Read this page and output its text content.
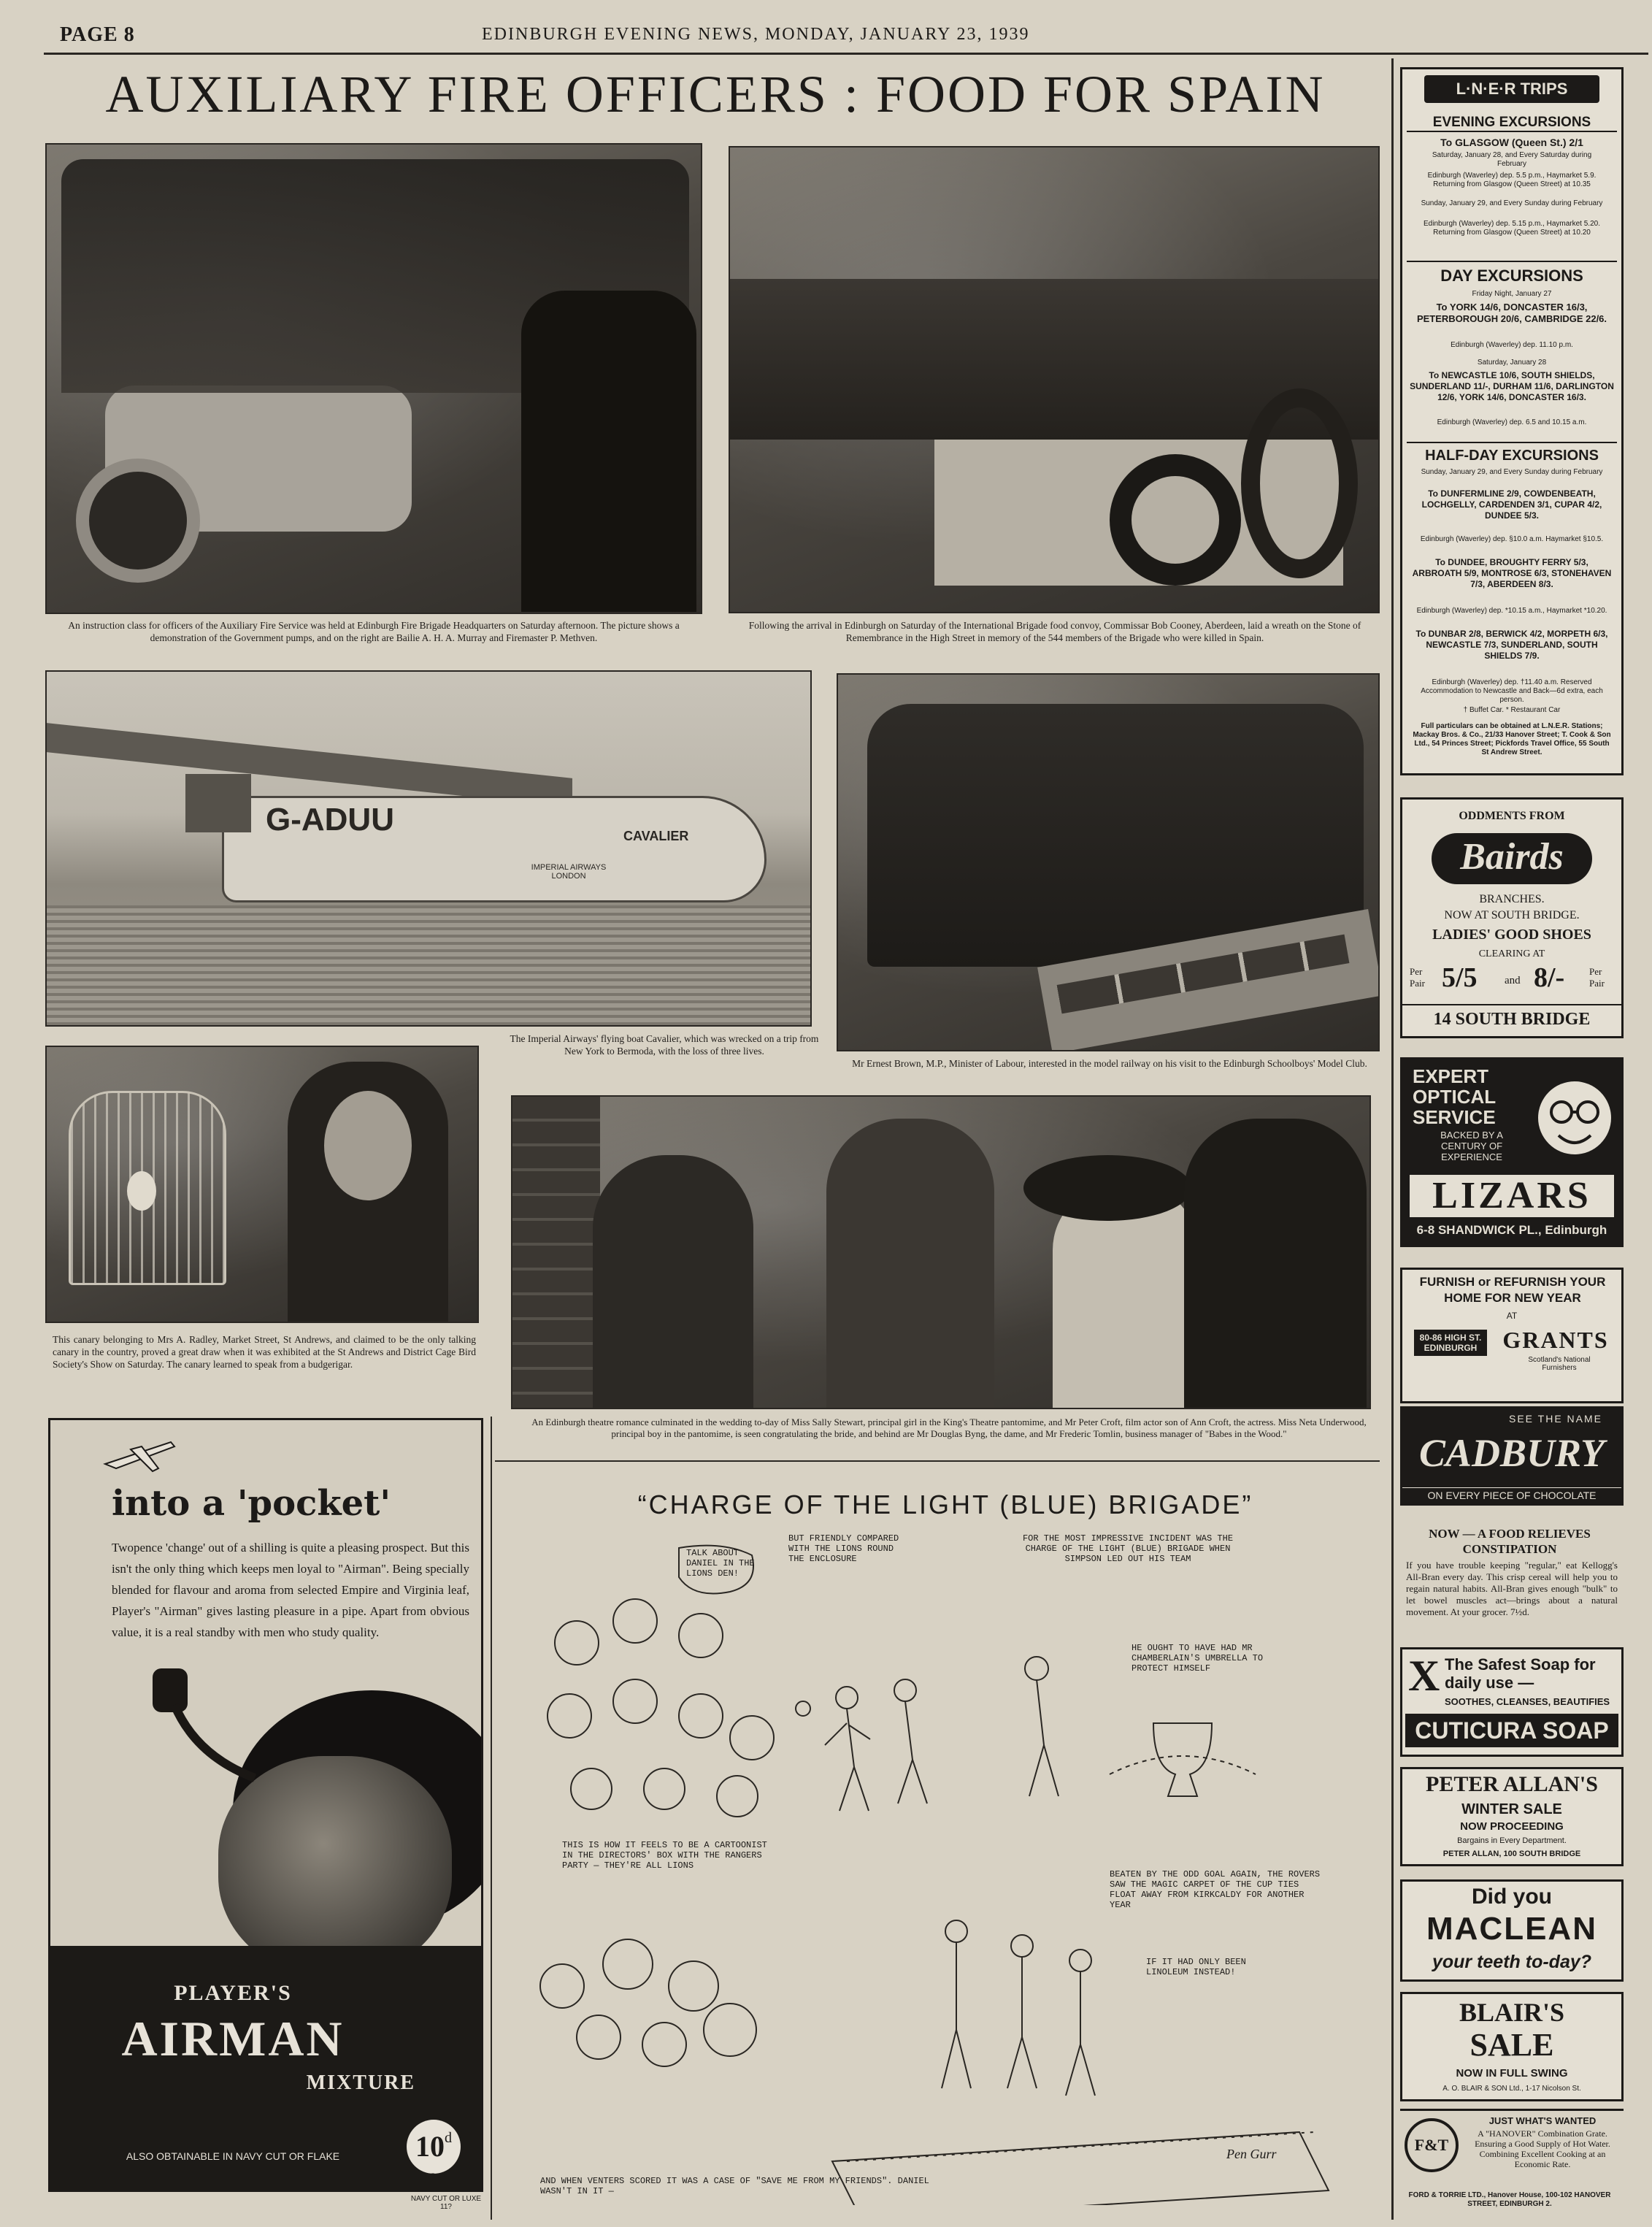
PAGE 8	EDINBURGH EVENING NEWS, MONDAY, JANUARY 23, 1939
AUXILIARY FIRE OFFICERS : FOOD FOR SPAIN
An instruction class for officers of the Auxiliary Fire Service was held at Edinburgh Fire Brigade Headquarters on Saturday afternoon. The picture shows a demonstration of the Government pumps, and on the right are Bailie A. H. A. Murray and Firemaster P. Methven.
Following the arrival in Edinburgh on Saturday of the International Brigade food convoy, Commissar Bob Cooney, Aberdeen, laid a wreath on the Stone of Remembrance in the High Street in memory of the 544 members of the Brigade who were killed in Spain.
G-ADUU	CAVALIER
IMPERIAL AIRWAYS LONDON
The Imperial Airways' flying boat Cavalier, which was wrecked on a trip from New York to Bermoda, with the loss of three lives.
Mr Ernest Brown, M.P., Minister of Labour, interested in the model railway on his visit to the Edinburgh Schoolboys' Model Club.
This canary belonging to Mrs A. Radley, Market Street, St Andrews, and claimed to be the only talking canary in the country, proved a great draw when it was exhibited at the St Andrews and District Cage Bird Society's Show on Saturday. The canary learned to speak from a budgerigar.
An Edinburgh theatre romance culminated in the wedding to-day of Miss Sally Stewart, principal girl in the King's Theatre pantomime, and Mr Peter Croft, film actor son of Ann Croft, the actress. Miss Neta Underwood, principal boy in the pantomime, is seen congratulating the bride, and behind are Mr Douglas Byng, the dame, and Mr Frederic Tomlin, business manager of "Babes in the Wood."
into a 'pocket'
Twopence 'change' out of a shilling is quite a pleasing prospect. But this isn't the only thing which keeps men loyal to "Airman". Being specially blended for flavour and aroma from selected Empire and Virginia leaf, Player's "Airman" gives lasting pleasure in a pipe. Apart from obvious value, it is a real standby with men who study quality.
PLAYER'S
AIRMAN
MIXTURE
ALSO OBTAINABLE IN NAVY CUT OR FLAKE	10d
PER OZ
NAVY CUT OR LUXE 11?
“CHARGE OF THE LIGHT (BLUE) BRIGADE”
TALK ABOUT DANIEL IN THE LIONS DEN!
BUT FRIENDLY COMPARED WITH THE LIONS ROUND THE ENCLOSURE
FOR THE MOST IMPRESSIVE INCIDENT WAS THE CHARGE OF THE LIGHT (BLUE) BRIGADE WHEN SIMPSON LED OUT HIS TEAM
HE OUGHT TO HAVE HAD MR CHAMBERLAIN'S UMBRELLA TO PROTECT HIMSELF
THIS IS HOW IT FEELS TO BE A CARTOONIST IN THE DIRECTORS' BOX WITH THE RANGERS PARTY — THEY'RE ALL LIONS
BEATEN BY THE ODD GOAL AGAIN, THE ROVERS SAW THE MAGIC CARPET OF THE CUP TIES FLOAT AWAY FROM KIRKCALDY FOR ANOTHER YEAR
IF IT HAD ONLY BEEN LINOLEUM INSTEAD!
AND WHEN VENTERS SCORED IT WAS A CASE OF "SAVE ME FROM MY FRIENDS". DANIEL WASN'T IN IT —
Pen Gurr
L·N·E·R TRIPS
EVENING EXCURSIONS
To GLASGOW (Queen St.) 2/1
Saturday, January 28, and Every Saturday during February
Edinburgh (Waverley) dep. 5.5 p.m., Haymarket 5.9. Returning from Glasgow (Queen Street) at 10.35
Sunday, January 29, and Every Sunday during February
Edinburgh (Waverley) dep. 5.15 p.m., Haymarket 5.20. Returning from Glasgow (Queen Street) at 10.20
DAY EXCURSIONS
Friday Night, January 27
To YORK 14/6, DONCASTER 16/3, PETERBOROUGH 20/6, CAMBRIDGE 22/6.
Edinburgh (Waverley) dep. 11.10 p.m.
Saturday, January 28
To NEWCASTLE 10/6, SOUTH SHIELDS, SUNDERLAND 11/-, DURHAM 11/6, DARLINGTON 12/6, YORK 14/6, DONCASTER 16/3.
Edinburgh (Waverley) dep. 6.5 and 10.15 a.m.
HALF-DAY EXCURSIONS
Sunday, January 29, and Every Sunday during February
To DUNFERMLINE 2/9, COWDENBEATH, LOCHGELLY, CARDENDEN 3/1, CUPAR 4/2, DUNDEE 5/3.
Edinburgh (Waverley) dep. §10.0 a.m. Haymarket §10.5.
To DUNDEE, BROUGHTY FERRY 5/3, ARBROATH 5/9, MONTROSE 6/3, STONEHAVEN 7/3, ABERDEEN 8/3.
Edinburgh (Waverley) dep. *10.15 a.m., Haymarket *10.20.
To DUNBAR 2/8, BERWICK 4/2, MORPETH 6/3, NEWCASTLE 7/3, SUNDERLAND, SOUTH SHIELDS 7/9.
Edinburgh (Waverley) dep. †11.40 a.m. Reserved Accommodation to Newcastle and Back—6d extra, each person.
† Buffet Car. * Restaurant Car
Full particulars can be obtained at L.N.E.R. Stations; Mackay Bros. & Co., 21/33 Hanover Street; T. Cook & Son Ltd., 54 Princes Street; Pickfords Travel Office, 55 South St Andrew Street.
ODDMENTS FROM
Bairds
BRANCHES.
NOW AT SOUTH BRIDGE.
LADIES' GOOD SHOES
CLEARING AT
Per Pair 5/5 and 8/-	Per Pair
14 SOUTH BRIDGE
EXPERT
OPTICAL
SERVICE
BACKED BY A CENTURY OF EXPERIENCE
LIZARS
6-8 SHANDWICK PL., Edinburgh
FURNISH or REFURNISH YOUR HOME FOR NEW YEAR
AT
80-86 HIGH ST. EDINBURGH	GRANTS
Scotland's National Furnishers
SEE THE NAME
CADBURY
ON EVERY PIECE OF CHOCOLATE
NOW — A FOOD RELIEVES CONSTIPATION
If you have trouble keeping "regular," eat Kellogg's All-Bran every day. This crisp cereal will help you to regain natural habits. All-Bran gives enough "bulk" to let bowel muscles act—brings about a natural movement. At your grocer. 7½d.
X The Safest Soap for daily use —
SOOTHES, CLEANSES, BEAUTIFIES
CUTICURA SOAP
PETER ALLAN'S
WINTER SALE
NOW PROCEEDING
Bargains in Every Department.
PETER ALLAN, 100 SOUTH BRIDGE
Did you
MACLEAN
your teeth to-day?
BLAIR'S
SALE
NOW IN FULL SWING
A. O. BLAIR & SON Ltd., 1-17 Nicolson St.
F&T
JUST WHAT'S WANTED
A "HANOVER" Combination Grate. Ensuring a Good Supply of Hot Water. Combining Excellent Cooking at an Economic Rate.
FORD & TORRIE LTD., Hanover House, 100-102 HANOVER STREET, EDINBURGH 2.
